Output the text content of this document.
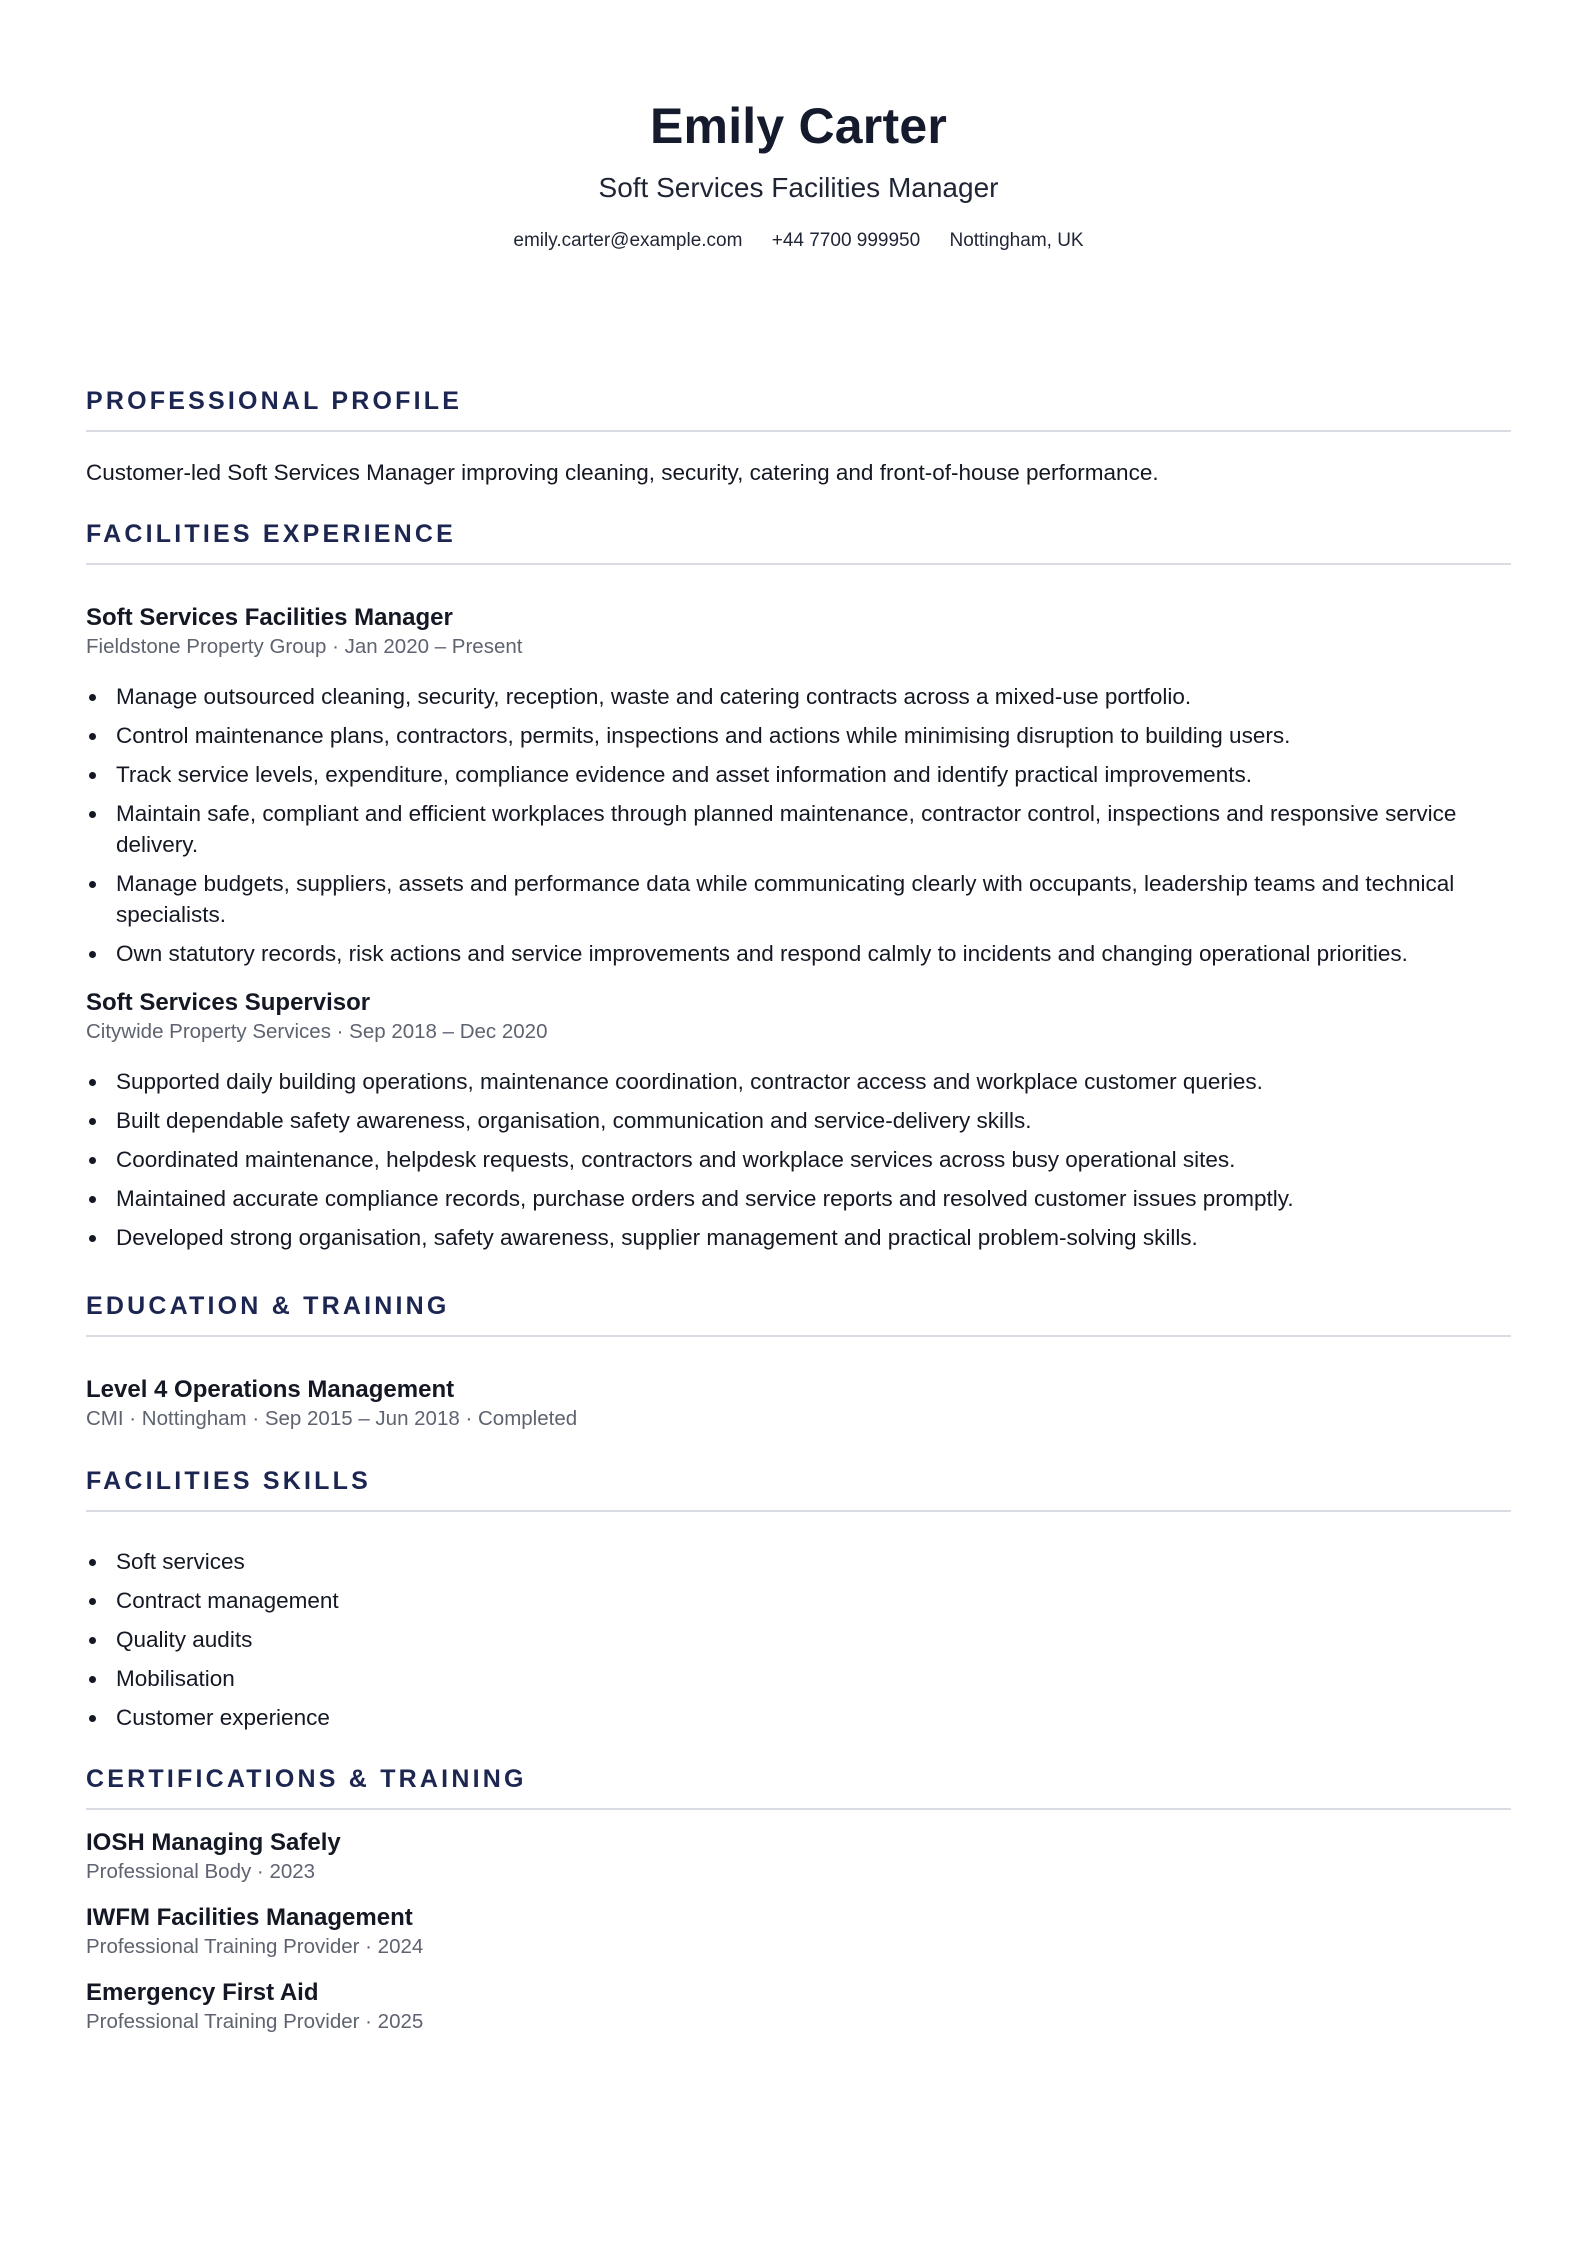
Emily Carter
Soft Services Facilities Manager
emily.carter@example.com +44 7700 999950 Nottingham, UK
PROFESSIONAL PROFILE
Customer-led Soft Services Manager improving cleaning, security, catering and front-of-house performance.
FACILITIES EXPERIENCE
Soft Services Facilities Manager
Fieldstone Property Group · Jan 2020 – Present
Manage outsourced cleaning, security, reception, waste and catering contracts across a mixed-use portfolio.
Control maintenance plans, contractors, permits, inspections and actions while minimising disruption to building users.
Track service levels, expenditure, compliance evidence and asset information and identify practical improvements.
Maintain safe, compliant and efficient workplaces through planned maintenance, contractor control, inspections and responsive service delivery.
Manage budgets, suppliers, assets and performance data while communicating clearly with occupants, leadership teams and technical specialists.
Own statutory records, risk actions and service improvements and respond calmly to incidents and changing operational priorities.
Soft Services Supervisor
Citywide Property Services · Sep 2018 – Dec 2020
Supported daily building operations, maintenance coordination, contractor access and workplace customer queries.
Built dependable safety awareness, organisation, communication and service-delivery skills.
Coordinated maintenance, helpdesk requests, contractors and workplace services across busy operational sites.
Maintained accurate compliance records, purchase orders and service reports and resolved customer issues promptly.
Developed strong organisation, safety awareness, supplier management and practical problem-solving skills.
EDUCATION & TRAINING
Level 4 Operations Management
CMI · Nottingham · Sep 2015 – Jun 2018 · Completed
FACILITIES SKILLS
Soft services
Contract management
Quality audits
Mobilisation
Customer experience
CERTIFICATIONS & TRAINING
IOSH Managing Safely
Professional Body · 2023
IWFM Facilities Management
Professional Training Provider · 2024
Emergency First Aid
Professional Training Provider · 2025
